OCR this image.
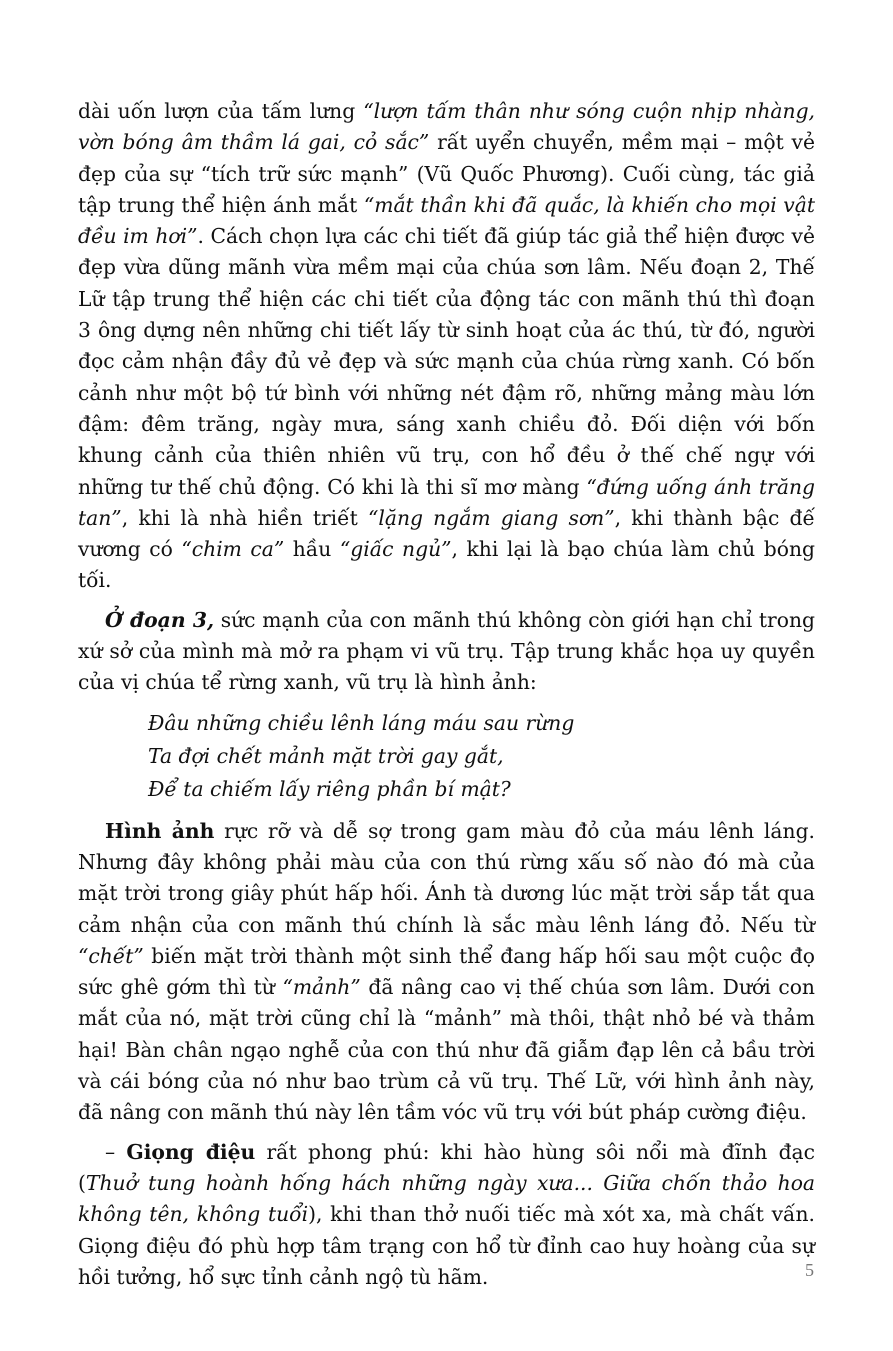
dài uốn lượn của tấm lưng “lượn tấm thân như sóng cuộn nhịp nhàng, vờn bóng âm thầm lá gai, cỏ sắc” rất uyển chuyển, mềm mại – một vẻ đẹp của sự “tích trữ sức mạnh” (Vũ Quốc Phương). Cuối cùng, tác giả tập trung thể hiện ánh mắt “mắt thần khi đã quắc, là khiến cho mọi vật đều im hơi”. Cách chọn lựa các chi tiết đã giúp tác giả thể hiện được vẻ đẹp vừa dũng mãnh vừa mềm mại của chúa sơn lâm. Nếu đoạn 2, Thế Lữ tập trung thể hiện các chi tiết của động tác con mãnh thú thì đoạn 3 ông dựng nên những chi tiết lấy từ sinh hoạt của ác thú, từ đó, người đọc cảm nhận đầy đủ vẻ đẹp và sức mạnh của chúa rừng xanh. Có bốn cảnh như một bộ tứ bình với những nét đậm rõ, những mảng màu lớn đậm: đêm trăng, ngày mưa, sáng xanh chiều đỏ. Đối diện với bốn khung cảnh của thiên nhiên vũ trụ, con hổ đều ở thế chế ngự với những tư thế chủ động. Có khi là thi sĩ mơ màng “đứng uống ánh trăng tan”, khi là nhà hiền triết “lặng ngắm giang sơn”, khi thành bậc đế vương có “chim ca” hầu “giấc ngủ”, khi lại là bạo chúa làm chủ bóng tối.

Ở đoạn 3, sức mạnh của con mãnh thú không còn giới hạn chỉ trong xứ sở của mình mà mở ra phạm vi vũ trụ. Tập trung khắc họa uy quyền của vị chúa tể rừng xanh, vũ trụ là hình ảnh:

Đâu những chiều lênh láng máu sau rừng
Ta đợi chết mảnh mặt trời gay gắt,
Để ta chiếm lấy riêng phần bí mật?

Hình ảnh rực rỡ và dễ sợ trong gam màu đỏ của máu lênh láng. Nhưng đây không phải màu của con thú rừng xấu số nào đó mà của mặt trời trong giây phút hấp hối. Ánh tà dương lúc mặt trời sắp tắt qua cảm nhận của con mãnh thú chính là sắc màu lênh láng đỏ. Nếu từ “chết” biến mặt trời thành một sinh thể đang hấp hối sau một cuộc đọ sức ghê gớm thì từ “mảnh” đã nâng cao vị thế chúa sơn lâm. Dưới con mắt của nó, mặt trời cũng chỉ là “mảnh” mà thôi, thật nhỏ bé và thảm hại! Bàn chân ngạo nghễ của con thú như đã giẫm đạp lên cả bầu trời và cái bóng của nó như bao trùm cả vũ trụ. Thế Lữ, với hình ảnh này, đã nâng con mãnh thú này lên tầm vóc vũ trụ với bút pháp cường điệu.

– Giọng điệu rất phong phú: khi hào hùng sôi nổi mà đĩnh đạc (Thuở tung hoành hống hách những ngày xưa... Giữa chốn thảo hoa không tên, không tuổi), khi than thở nuối tiếc mà xót xa, mà chất vấn. Giọng điệu đó phù hợp tâm trạng con hổ từ đỉnh cao huy hoàng của sự hồi tưởng, hổ sực tỉnh cảnh ngộ tù hãm.	5
